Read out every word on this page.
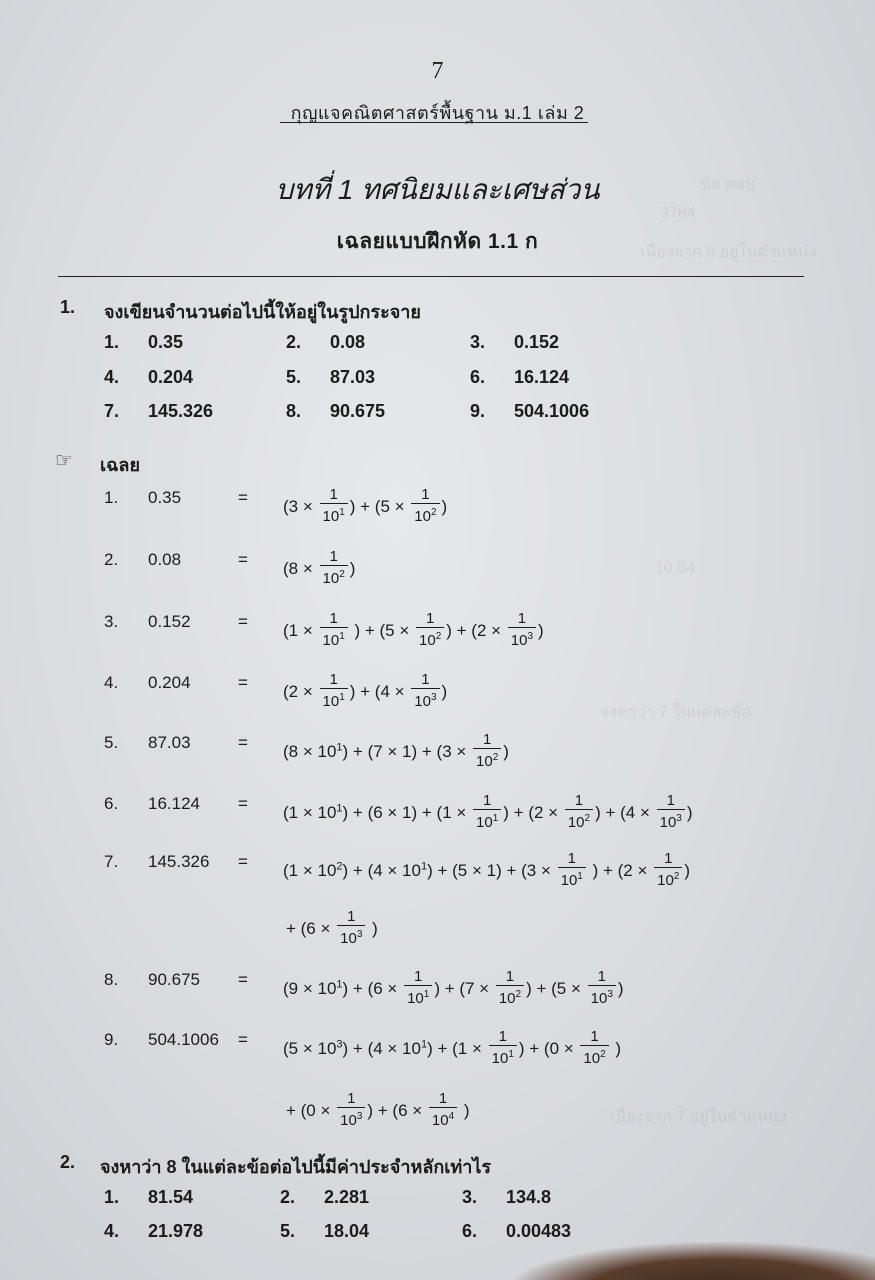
ข้อ ตอบ
3784
เนื่องจาก 8 อยู่ในตำแหน่ง
10.04
จงหาว่า 7 ในแต่ละข้อ
เนื่องจาก 7 อยู่ในตำแหน่ง
7
กุญแจคณิตศาสตร์พื้นฐาน ม.1 เล่ม 2
บทที่ 1 ทศนิยมและเศษส่วน
เฉลยแบบฝึกหัด 1.1 ก
1. จงเขียนจำนวนต่อไปนี้ให้อยู่ในรูปกระจาย
1. 0.35	2. 0.08	3. 0.152
4. 0.204	5. 87.03	6. 16.124
7. 145.326	8. 90.675	9. 504.1006
☞ เฉลย
1. 0.35	= ($3 \times \frac{1}{10^1}$ ) + ($5 \times \frac{1}{10^2}$ )
2. 0.08	= ($8 \times \frac{1}{10^2}$ )
3. 0.152	= ($1 \times \frac{1}{10^1}$ ) + ($5 \times \frac{1}{10^2}$ ) + ($2 \times \frac{1}{10^3}$ )
4. 0.204	= ($2 \times \frac{1}{10^1}$ ) + ($4 \times \frac{1}{10^3}$ )
5. 87.03	= $(8 \times 10^1) + (7 \times 1) + (3 \times \frac{1}{10^2}$ )
6. $16.124 = (1 \times 10^1) + (6 \times 1) + (1 \times \frac{1}{10^1}$ ) + ($2 \times \frac{1}{10^2}$ ) + ($4 \times \frac{1}{10^3}$ )
7. $145.326 = (1 \times 10^2) + (4 \times 10^1) + (5 \times 1) + (3 \times \frac{1}{10^1}$ ) + ($2 \times \frac{1}{10^2}$ )
+ ($6 \times \frac{1}{10^3}$ )
8. $90.675 = (9 \times 10^1) + (6 \times \frac{1}{10^1}$ ) + ($7 \times \frac{1}{10^2}$ ) + ($5 \times \frac{1}{10^3}$ )
9. $504.1006 = (5 \times 10^3) + (4 \times 10^1) + (1 \times \frac{1}{10^1}$ ) + ($0 \times \frac{1}{10^2}$ )
+ ($0 \times \frac{1}{10^3}$ ) + ($6 \times \frac{1}{10^4}$ )
2. จงหาว่า 8 ในแต่ละข้อต่อไปนี้มีค่าประจำหลักเท่าไร
1. 81.54	2. 2.281	3. 134.8
4. 21.978	5. 18.04	6. 0.00483
